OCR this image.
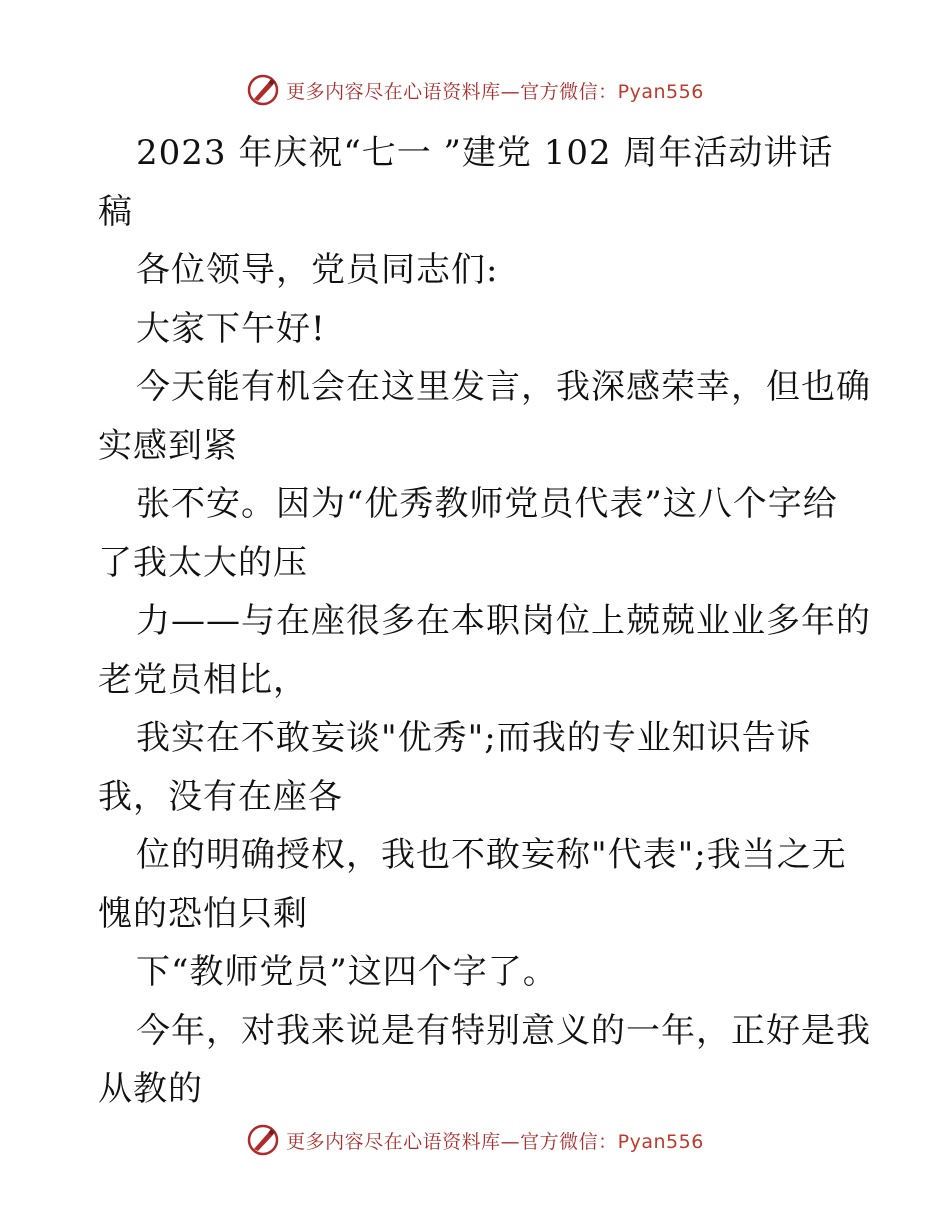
更多内容尽在心语资料库—官方微信：Pyan556
2023 年庆祝“七一 ”建党 102 周年活动讲话
稿
各位领导，党员同志们:
大家下午好!
今天能有机会在这里发言，我深感荣幸，但也确
实感到紧
张不安。因为“优秀教师党员代表”这八个字给
了我太大的压
力——与在座很多在本职岗位上兢兢业业多年的
老党员相比，
我实在不敢妄谈"优秀";而我的专业知识告诉
我，没有在座各
位的明确授权，我也不敢妄称"代表";我当之无
愧的恐怕只剩
下“教师党员”这四个字了。
今年，对我来说是有特别意义的一年，正好是我
从教的
更多内容尽在心语资料库—官方微信：Pyan556
